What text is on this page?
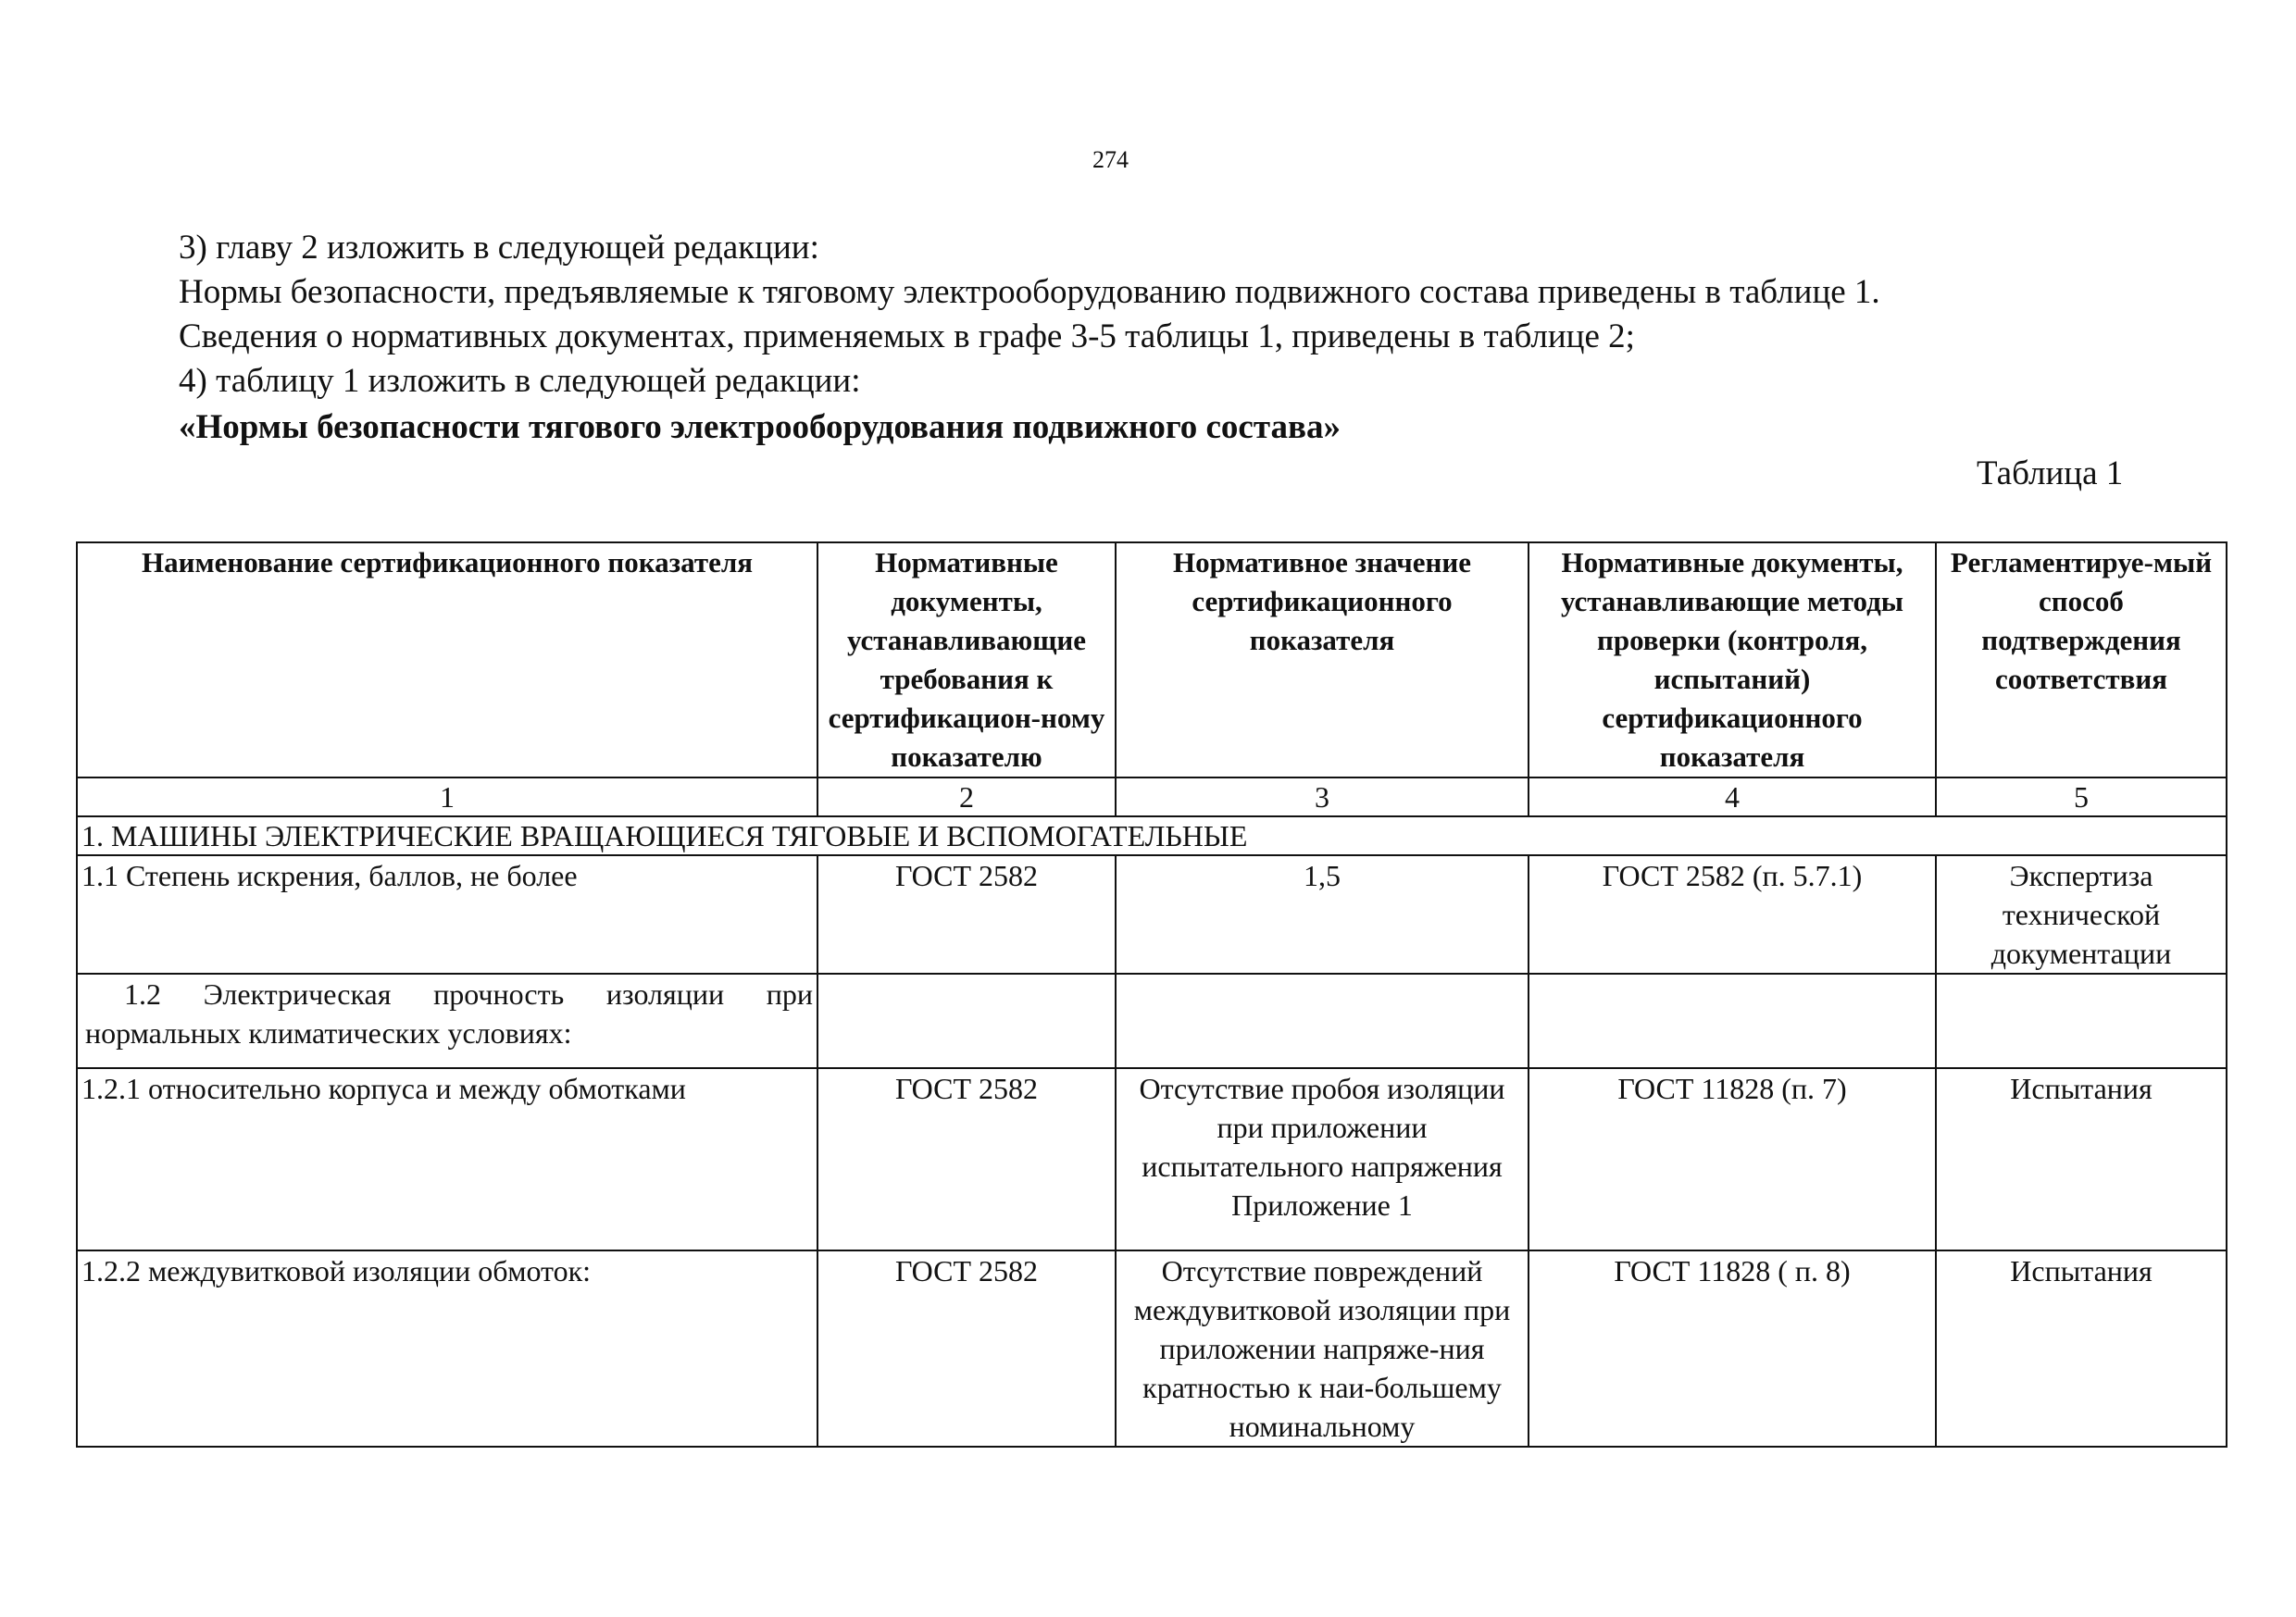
274

3) главу 2 изложить в следующей редакции:

Нормы безопасности, предъявляемые к тяговому электрооборудованию подвижного состава приведены в таблице 1.

Сведения о нормативных документах, применяемых в графе 3-5 таблицы 1, приведены в таблице 2;

4) таблицу 1 изложить в следующей редакции:

«Нормы безопасности тягового электрооборудования подвижного состава»

Таблица 1
Наименование сертификационного показателя	Нормативные документы, устанавливающие требования к сертификацион-ному показателю	Нормативное значение сертификационного показателя	Нормативные документы, устанавливающие методы проверки (контроля, испытаний) сертификационного показателя	Регламентируе-мый способ подтверждения соответствия
1	2	3	4	5
1. МАШИНЫ ЭЛЕКТРИЧЕСКИЕ ВРАЩАЮЩИЕСЯ ТЯГОВЫЕ И ВСПОМОГАТЕЛЬНЫЕ				
1.1 Степень искрения, баллов, не более	ГОСТ 2582	1,5	ГОСТ 2582 (п. 5.7.1)	Экспертиза технической документации
1.2 Электрическая прочность изоляции при нормальных климатических условиях:				
1.2.1 относительно корпуса и между обмотками	ГОСТ 2582	Отсутствие пробоя изоляции при приложении испытательного напряжения Приложение 1	ГОСТ 11828 (п. 7)	Испытания
1.2.2 междувитковой изоляции обмоток:	ГОСТ 2582	Отсутствие повреждений междувитковой изоляции при приложении напряже-ния кратностью к наи-большему номинальному	ГОСТ 11828 ( п. 8)	Испытания
